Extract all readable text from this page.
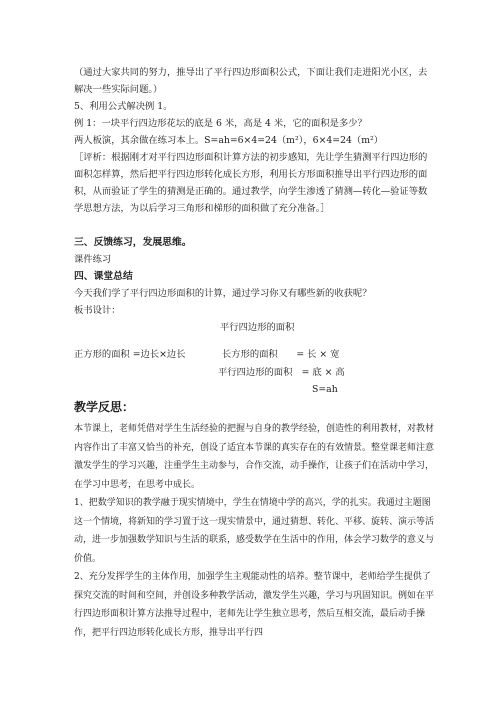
（通过大家共同的努力，推导出了平行四边形面积公式，下面让我们走进阳光小区，去解决一些实际问题。）

5、利用公式解决例 1。

例 1：一块平行四边形花坛的底是 6 米，高是 4 米，它的面积是多少？

两人板演，其余做在练习本上。S=ah=6×4=24（m²），6×4=24（m²）

［评析：根据刚才对平行四边形面积计算方法的初步感知，先让学生猜测平行四边形的面积怎样算，然后把平行四边形转化成长方形，利用长方形面积推导出平行四边形的面积，从而验证了学生的猜测是正确的。通过教学，向学生渗透了猜测—转化—验证等数学思想方法，为以后学习三角形和梯形的面积做了充分准备。］

三、反馈练习，发展思维。

课件练习

四、课堂总结

今天我们学了平行四边形面积的计算，通过学习你又有哪些新的收获呢？

板书设计：

平行四边形的面积
正方形的面积 =边长×边长	长方形的面积　　= 长 × 宽
平行四边形的面积　= 底 × 高
S=ah

教学反思：

本节课上，老师凭借对学生生活经验的把握与自身的教学经验，创造性的利用教材，对教材内容作出了丰富又恰当的补充，创设了适宜本节课的真实存在的有效情景。整堂课老师注意激发学生的学习兴趣，注重学生主动参与，合作交流，动手操作，让孩子们在活动中学习，在学习中思考，在思考中成长。

1、把数学知识的教学融于现实情境中，学生在情境中学的高兴，学的扎实。我通过主题图这一个情境，将新知的学习置于这一现实情景中，通过猜想、转化、平移、旋转、演示等活动，进一步加强数学知识与生活的联系，感受数学在生活中的作用，体会学习数学的意义与价值。

2、充分发挥学生的主体作用，加强学生主观能动性的培养。整节课中，老师给学生提供了探究交流的时间和空间，并创设多种教学活动，激发学生兴趣，学习与巩固知识。例如在平行四边形面积计算方法推导过程中，老师先让学生独立思考，然后互相交流，最后动手操作，把平行四边形转化成长方形，推导出平行四
